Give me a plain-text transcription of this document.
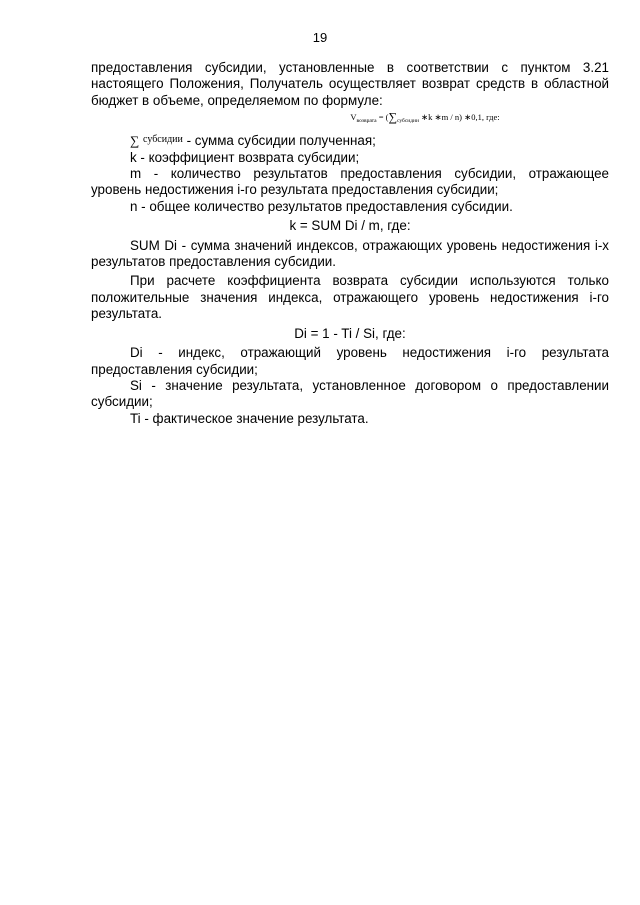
19

предоставления субсидии, установленные в соответствии с пунктом 3.21 настоящего Положения, Получатель осуществляет возврат средств в областной бюджет в объеме, определяемом по формуле:

$V_{возврата} = (\sum_{субсидии}$ ∗k ∗m / n) ∗0,1, где:

∑ $^{субсидии}$ - сумма субсидии полученная;

k - коэффициент возврата субсидии;

m - количество результатов предоставления субсидии, отражающее уровень недостижения i-го результата предоставления субсидии;

n - общее количество результатов предоставления субсидии.

k = SUM Di / m, где:

SUM Di - сумма значений индексов, отражающих уровень недостижения i-х результатов предоставления субсидии.

При расчете коэффициента возврата субсидии используются только положительные значения индекса, отражающего уровень недостижения i-го результата.

Di = 1 - Ti / Si, где:

Di - индекс, отражающий уровень недостижения i-го результата предоставления субсидии;

Si - значение результата, установленное договором о предоставлении субсидии;

Ti - фактическое значение результата.
